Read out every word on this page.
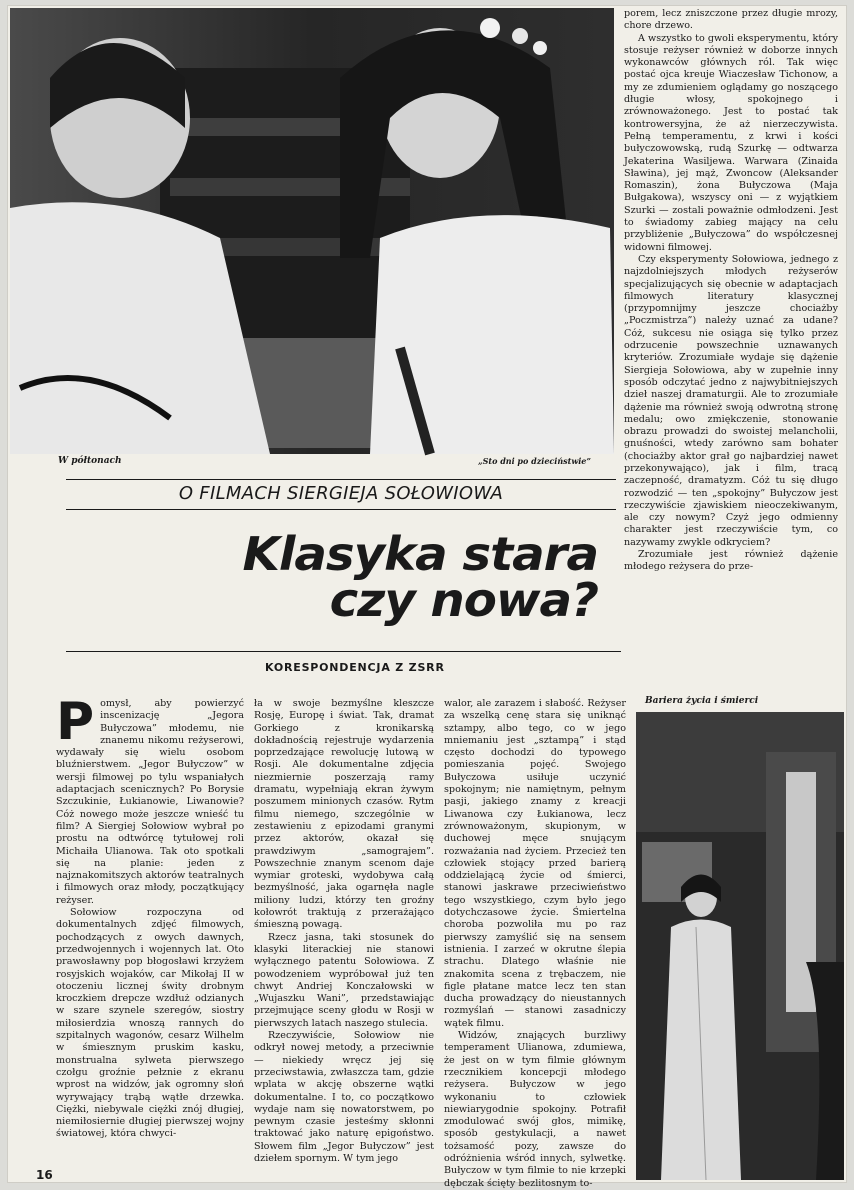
W półtonach	„Sto dni po dzieciństwie”
O FILMACH SIERGIEJA SOŁOWIOWA
Klasyka stara
czy nowa?
KORESPONDENCJA Z ZSRR

porem, lecz zniszczone przez długie mrozy, chore drzewo.

A wszystko to gwoli eksperymentu, który stosuje reżyser również w doborze innych wykonawców głównych ról. Tak więc postać ojca kreuje Wiaczesław Tichonow, a my ze zdumieniem oglądamy go noszącego długie włosy, spokojnego i zrównoważonego. Jest to postać tak kontrowersyjna, że aż nierzeczywista. Pełną temperamentu, z krwi i kości bułyczowowską, rudą Szurkę — odtwarza Jekaterina Wasiljewa. Warwara (Zinaida Sławina), jej mąż, Zwoncow (Aleksander Romaszin), żona Bułyczowa (Maja Bułgakowa), wszyscy oni — z wyjątkiem Szurki — zostali poważnie odmłodzeni. Jest to świadomy zabieg mający na celu przybliżenie „Bułyczowa” do współczesnej widowni filmowej.

Czy eksperymenty Sołowiowa, jednego z najzdolniejszych młodych reżyserów specjalizujących się obecnie w adaptacjach filmowych literatury klasycznej (przypomnijmy jeszcze chociażby „Poczmistrza”) należy uznać za udane? Cóż, sukcesu nie osiąga się tylko przez odrzucenie powszechnie uznawanych kryteriów. Zrozumiałe wydaje się dążenie Siergieja Sołowiowa, aby w zupełnie inny sposób odczytać jedno z najwybitniejszych dzieł naszej dramaturgii. Ale to zrozumiałe dążenie ma również swoją odwrotną stronę medalu; owo zmiękczenie, stonowanie obrazu prowadzi do swoistej melancholii, gnuśności, wtedy zarówno sam bohater (chociażby aktor grał go najbardziej nawet przekonywająco), jak i film, tracą zaczepność, dramatyzm. Cóż tu się długo rozwodzić — ten „spokojny” Bułyczow jest rzeczywiście zjawiskiem nieoczekiwanym, ale czy nowym? Czyż jego odmienny charakter jest rzeczywiście tym, co nazywamy zwykle odkryciem?

Zrozumiałe jest również dążenie młodego reżysera do prze-

Bariera życia i śmierci
P omysł, aby powierzyć inscenizację „Jegora Bułyczowa” młodemu, nie znanemu nikomu reżyserowi, wydawały się wielu osobom bluźnierstwem. „Jegor Bułyczow” w wersji filmowej po tylu wspaniałych adaptacjach scenicznych? Po Borysie Szczukinie, Łukianowie, Liwanowie? Cóż nowego może jeszcze wnieść tu film? A Siergiej Sołowiow wybrał po prostu na odtwórcę tytułowej roli Michaiła Ulianowa. Tak oto spotkali się na planie: jeden z najznakomitszych aktorów teatralnych i filmowych oraz młody, początkujący reżyser.

Sołowiow rozpoczyna od dokumentalnych zdjęć filmowych, pochodzących z owych dawnych, przedwojennych i wojennych lat. Oto prawosławny pop błogosławi krzyżem rosyjskich wojaków, car Mikołaj II w otoczeniu licznej świty drobnym kroczkiem drepcze wzdłuż odzianych w szare szynele szeregów, siostry miłosierdzia wnoszą rannych do szpitalnych wagonów, cesarz Wilhelm w śmiesznym pruskim kasku, monstrualna sylweta pierwszego czołgu groźnie pełznie z ekranu wprost na widzów, jak ogromny słoń wyrywający trąbą wątłe drzewka. Ciężki, niebywale ciężki znój długiej, niemiłosiernie długiej pierwszej wojny światowej, która chwyci-

ła w swoje bezmyślne kleszcze Rosję, Europę i świat. Tak, dramat Gorkiego z kronikarską dokładnością rejestruje wydarzenia poprzedzające rewolucję lutową w Rosji. Ale dokumentalne zdjęcia niezmiernie poszerzają ramy dramatu, wypełniają ekran żywym poszumem minionych czasów. Rytm filmu niemego, szczególnie w zestawieniu z epizodami granymi przez aktorów, okazał się prawdziwym „samograjem”. Powszechnie znanym scenom daje wymiar groteski, wydobywa całą bezmyślność, jaka ogarnęła nagle miliony ludzi, którzy ten groźny kołowrót traktują z przerażająco śmieszną powagą.

Rzecz jasna, taki stosunek do klasyki literackiej nie stanowi wyłącznego patentu Sołowiowa. Z powodzeniem wypróbował już ten chwyt Andriej Konczałowski w „Wujaszku Wani”, przedstawiając przejmujące sceny głodu w Rosji w pierwszych latach naszego stulecia.

Rzeczywiście, Sołowiow nie odkrył nowej metody, a przeciwnie — niekiedy wręcz jej się przeciwstawia, zwłaszcza tam, gdzie wplata w akcję obszerne wątki dokumentalne. I to, co początkowo wydaje nam się nowatorstwem, po pewnym czasie jesteśmy skłonni traktować jako naturę epigoństwo. Słowem film „Jegor Bułyczow” jest dziełem spornym. W tym jego

walor, ale zarazem i słabość. Reżyser za wszelką cenę stara się uniknąć sztampy, albo tego, co w jego mniemaniu jest „sztampą” i stąd często dochodzi do typowego pomieszania pojęć. Swojego Bułyczowa usiłuje uczynić spokojnym; nie namiętnym, pełnym pasji, jakiego znamy z kreacji Liwanowa czy Łukianowa, lecz zrównoważonym, skupionym, w duchowej męce snującym rozważania nad życiem. Przecież ten człowiek stojący przed barierą oddzielającą życie od śmierci, stanowi jaskrawe przeciwieństwo tego wszystkiego, czym było jego dotychczasowe życie. Śmiertelna choroba pozwoliła mu po raz pierwszy zamyślić się na sensem istnienia. I zarzeć w okrutne ślepia strachu. Dlatego właśnie nie znakomita scena z trębaczem, nie figle płatane matce lecz ten stan ducha prowadzący do nieustannych rozmyślań — stanowi zasadniczy wątek filmu.

Widzów, znających burzliwy temperament Ulianowa, zdumiewa, że jest on w tym filmie głównym rzecznikiem koncepcji młodego reżysera. Bułyczow w jego wykonaniu to człowiek niewiarygodnie spokojny. Potrafił zmodulować swój głos, mimikę, sposób gestykulacji, a nawet tożsamość pozy, zawsze do odróżnienia wśród innych, sylwetkę. Bułyczow w tym filmie to nie krzepki dębczak ścięty bezlitosnym to-

16
